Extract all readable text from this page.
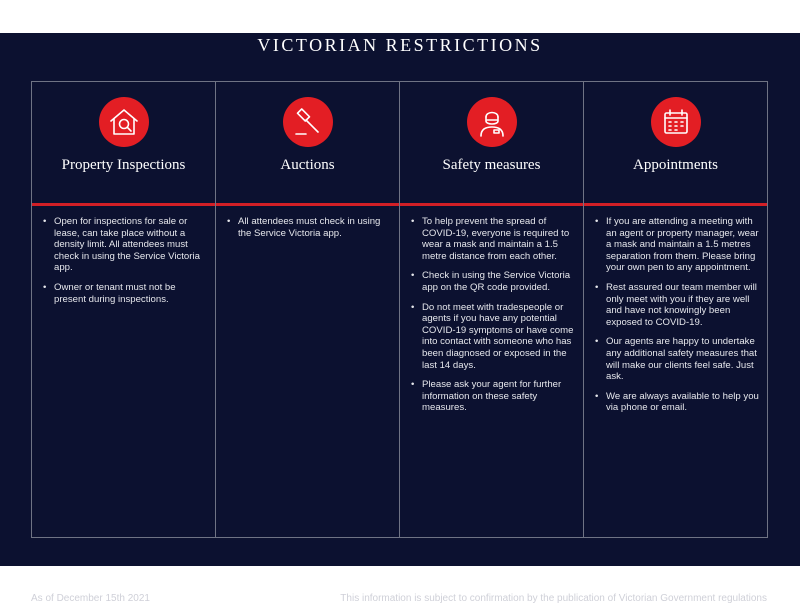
VICTORIAN RESTRICTIONS
Property Inspections
• Open for inspections for sale or lease, can take place without a density limit. All attendees must check in using the Service Victoria app.
• Owner or tenant must not be present during inspections.
Auctions
• All attendees must check in using the Service Victoria app.
Safety measures
• To help prevent the spread of COVID-19, everyone is required to wear a mask and maintain a 1.5 metre distance from each other.
• Check in using the Service Victoria app on the QR code provided.
• Do not meet with tradespeople or agents if you have any potential COVID-19 symptoms or have come into contact with someone who has been diagnosed or exposed in the last 14 days.
• Please ask your agent for further information on these safety measures.
Appointments
• If you are attending a meeting with an agent or property manager, wear a mask and maintain a 1.5 metres separation from them. Please bring your own pen to any appointment.
• Rest assured our team member will only meet with you if they are well and have not knowingly been exposed to COVID-19.
• Our agents are happy to undertake any additional safety measures that will make our clients feel safe. Just ask.
• We are always available to help you via phone or email.
As of December 15th 2021	This information is subject to confirmation by the publication of Victorian Government regulations
